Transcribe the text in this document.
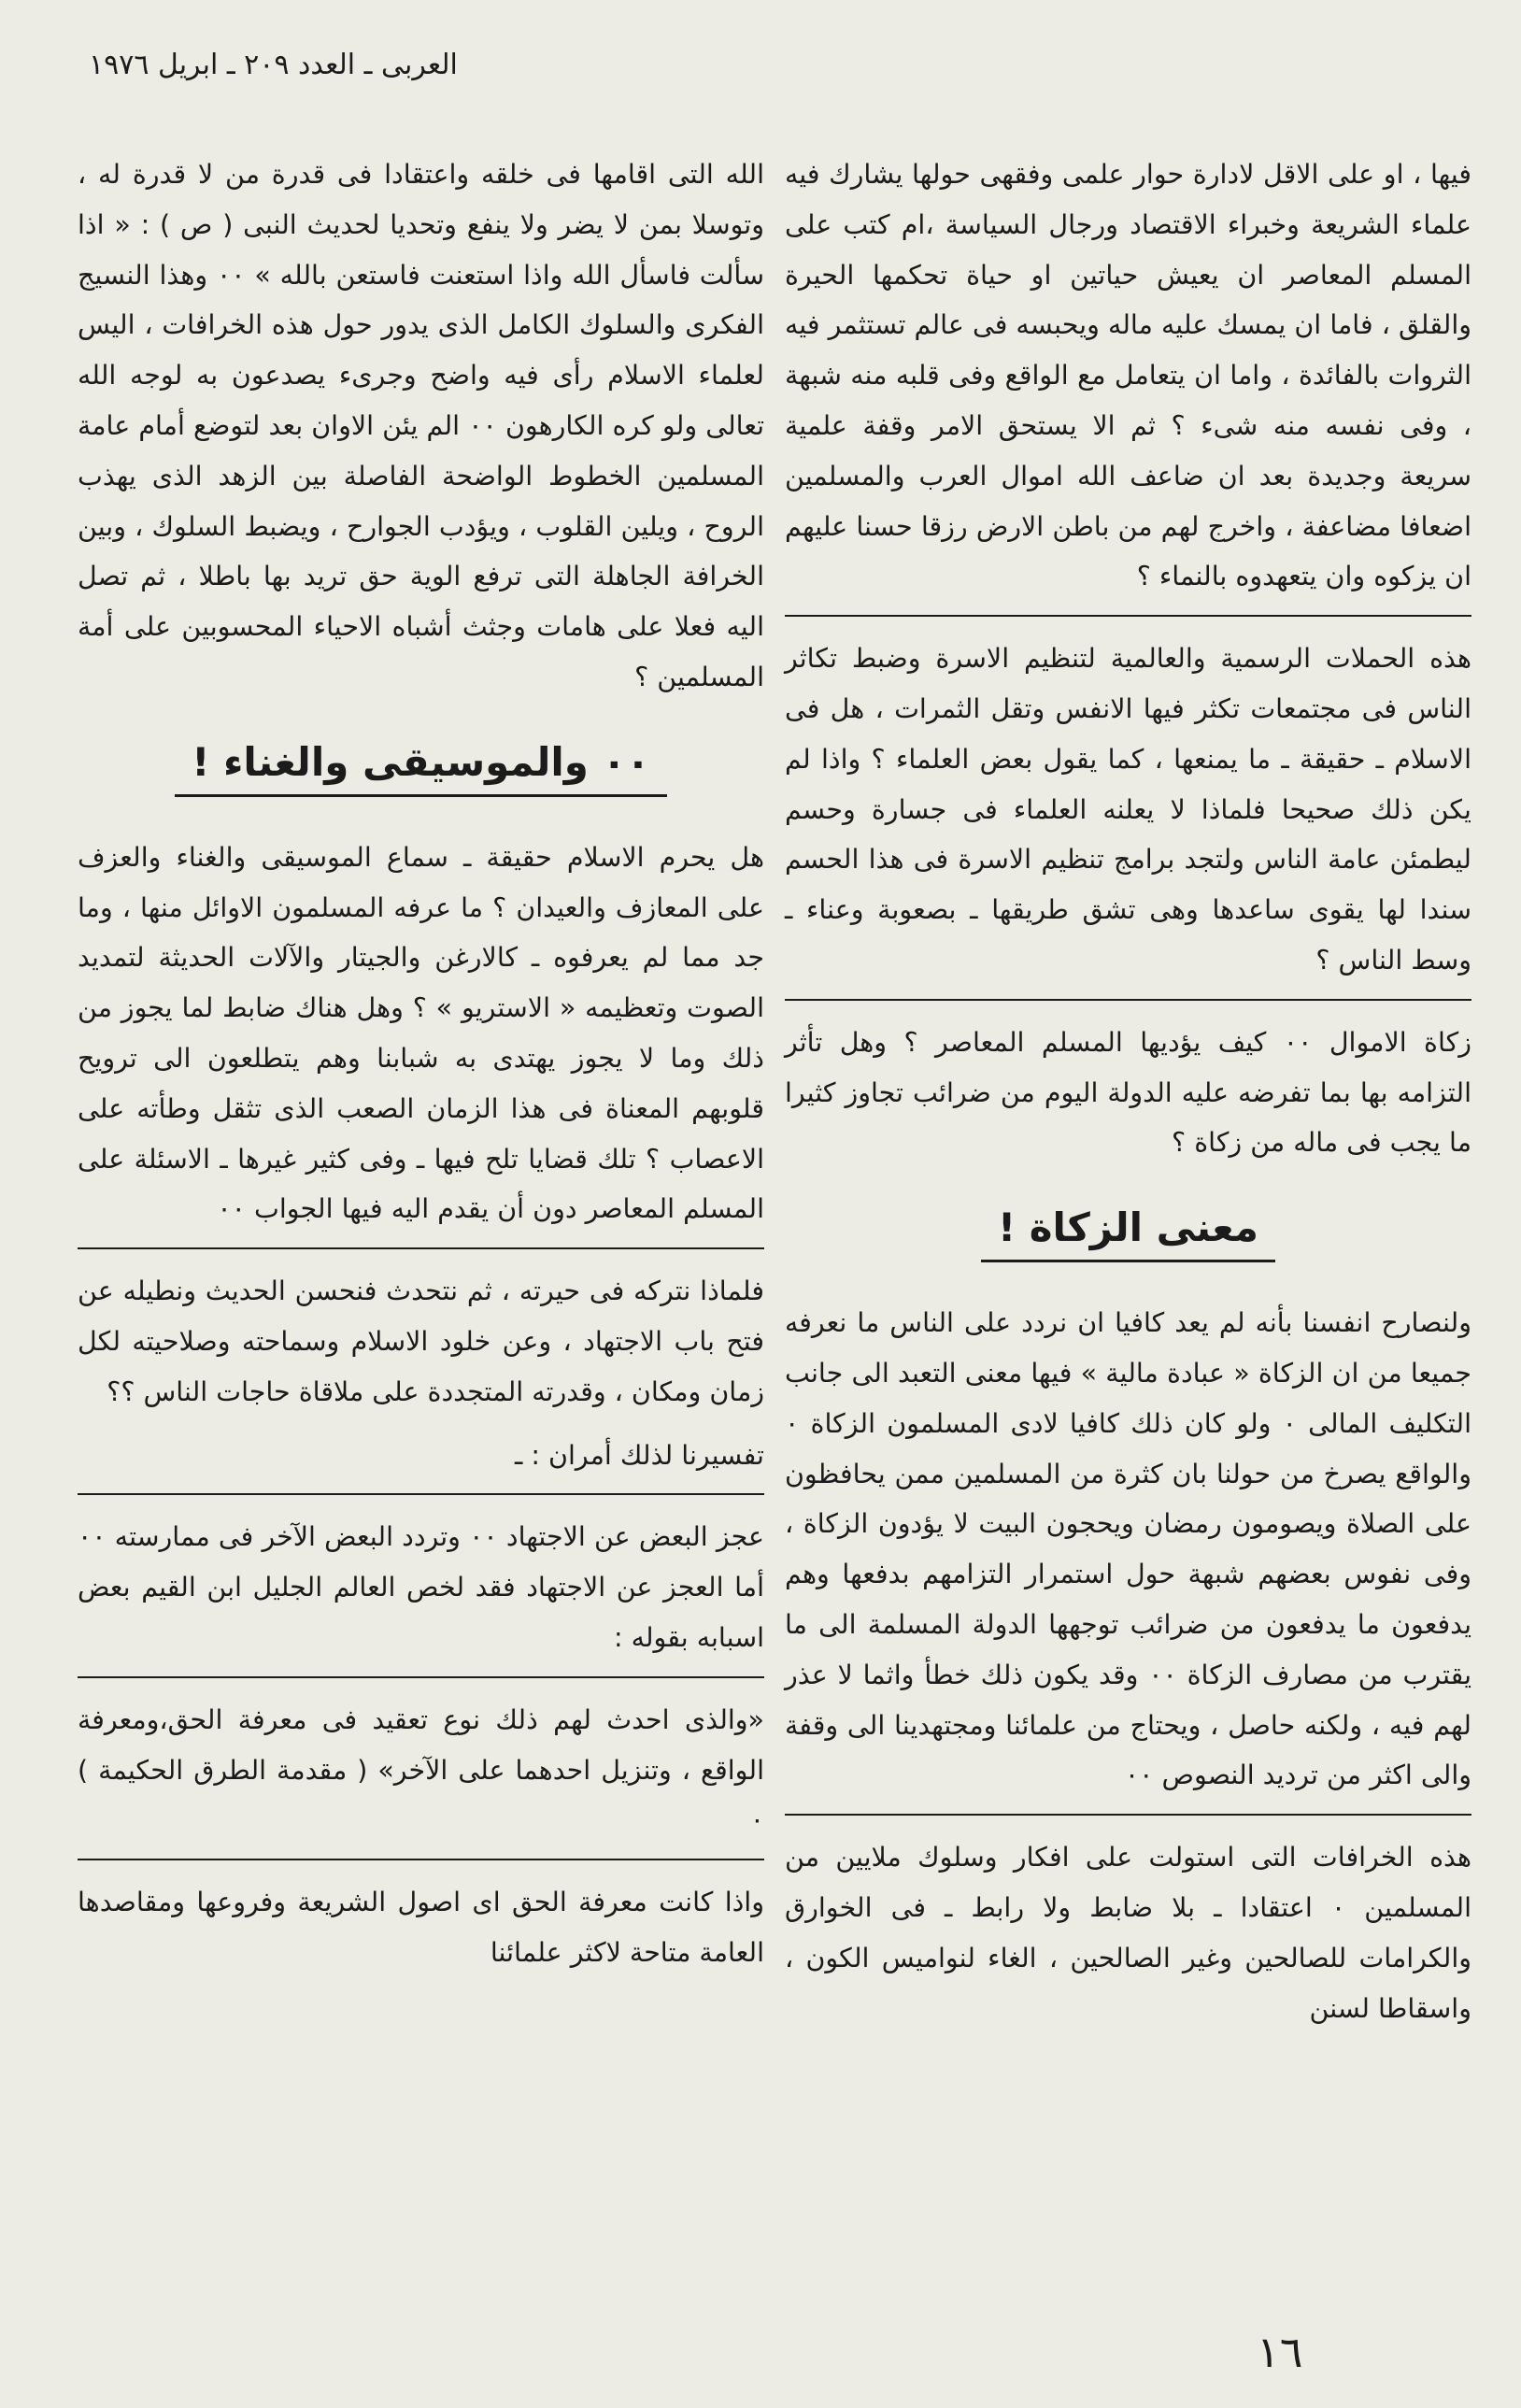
العربى ـ العدد ٢٠٩ ـ ابريل ١٩٧٦

فيها ، او على الاقل لادارة حوار علمى وفقهى حولها يشارك فيه علماء الشريعة وخبراء الاقتصاد ورجال السياسة ،ام كتب على المسلم المعاصر ان يعيش حياتين او حياة تحكمها الحيرة والقلق ، فاما ان يمسك عليه ماله ويحبسه فى عالم تستثمر فيه الثروات بالفائدة ، واما ان يتعامل مع الواقع وفى قلبه منه شبهة ، وفى نفسه منه شىء ؟ ثم الا يستحق الامر وقفة علمية سريعة وجديدة بعد ان ضاعف الله اموال العرب والمسلمين اضعافا مضاعفة ، واخرج لهم من باطن الارض رزقا حسنا عليهم ان يزكوه وان يتعهدوه بالنماء ؟

هذه الحملات الرسمية والعالمية لتنظيم الاسرة وضبط تكاثر الناس فى مجتمعات تكثر فيها الانفس وتقل الثمرات ، هل فى الاسلام ـ حقيقة ـ ما يمنعها ، كما يقول بعض العلماء ؟ واذا لم يكن ذلك صحيحا فلماذا لا يعلنه العلماء فى جسارة وحسم ليطمئن عامة الناس ولتجد برامج تنظيم الاسرة فى هذا الحسم سندا لها يقوى ساعدها وهى تشق طريقها ـ بصعوبة وعناء ـ وسط الناس ؟

زكاة الاموال ٠٠ كيف يؤديها المسلم المعاصر ؟ وهل تأثر التزامه بها بما تفرضه عليه الدولة اليوم من ضرائب تجاوز كثيرا ما يجب فى ماله من زكاة ؟

معنى الزكاة !

ولنصارح انفسنا بأنه لم يعد كافيا ان نردد على الناس ما نعرفه جميعا من ان الزكاة « عبادة مالية » فيها معنى التعبد الى جانب التكليف المالى ٠ ولو كان ذلك كافيا لادى المسلمون الزكاة ٠ والواقع يصرخ من حولنا بان كثرة من المسلمين ممن يحافظون على الصلاة ويصومون رمضان ويحجون البيت لا يؤدون الزكاة ، وفى نفوس بعضهم شبهة حول استمرار التزامهم بدفعها وهم يدفعون ما يدفعون من ضرائب توجهها الدولة المسلمة الى ما يقترب من مصارف الزكاة ٠٠ وقد يكون ذلك خطأ واثما لا عذر لهم فيه ، ولكنه حاصل ، ويحتاج من علمائنا ومجتهدينا الى وقفة والى اكثر من ترديد النصوص ٠٠

هذه الخرافات التى استولت على افكار وسلوك ملايين من المسلمين ٠ اعتقادا ـ بلا ضابط ولا رابط ـ فى الخوارق والكرامات للصالحين وغير الصالحين ، الغاء لنواميس الكون ، واسقاطا لسنن

الله التى اقامها فى خلقه واعتقادا فى قدرة من لا قدرة له ، وتوسلا بمن لا يضر ولا ينفع وتحديا لحديث النبى ( ص ) : « اذا سألت فاسأل الله واذا استعنت فاستعن بالله » ٠٠ وهذا النسيج الفكرى والسلوك الكامل الذى يدور حول هذه الخرافات ، اليس لعلماء الاسلام رأى فيه واضح وجرىء يصدعون به لوجه الله تعالى ولو كره الكارهون ٠٠ الم يئن الاوان بعد لتوضع أمام عامة المسلمين الخطوط الواضحة الفاصلة بين الزهد الذى يهذب الروح ، ويلين القلوب ، ويؤدب الجوارح ، ويضبط السلوك ، وبين الخرافة الجاهلة التى ترفع الوية حق تريد بها باطلا ، ثم تصل اليه فعلا على هامات وجثث أشباه الاحياء المحسوبين على أمة المسلمين ؟

٠٠ والموسيقى والغناء !

هل يحرم الاسلام حقيقة ـ سماع الموسيقى والغناء والعزف على المعازف والعيدان ؟ ما عرفه المسلمون الاوائل منها ، وما جد مما لم يعرفوه ـ كالارغن والجيتار والآلات الحديثة لتمديد الصوت وتعظيمه « الاستريو » ؟ وهل هناك ضابط لما يجوز من ذلك وما لا يجوز يهتدى به شبابنا وهم يتطلعون الى ترويح قلوبهم المعناة فى هذا الزمان الصعب الذى تثقل وطأته على الاعصاب ؟ تلك قضايا تلح فيها ـ وفى كثير غيرها ـ الاسئلة على المسلم المعاصر دون أن يقدم اليه فيها الجواب ٠٠

فلماذا نتركه فى حيرته ، ثم نتحدث فنحسن الحديث ونطيله عن فتح باب الاجتهاد ، وعن خلود الاسلام وسماحته وصلاحيته لكل زمان ومكان ، وقدرته المتجددة على ملاقاة حاجات الناس ؟؟

تفسيرنا لذلك أمران : ـ

عجز البعض عن الاجتهاد ٠٠ وتردد البعض الآخر فى ممارسته ٠٠ أما العجز عن الاجتهاد فقد لخص العالم الجليل ابن القيم بعض اسبابه بقوله :

«والذى احدث لهم ذلك نوع تعقيد فى معرفة الحق،ومعرفة الواقع ، وتنزيل احدهما على الآخر» ( مقدمة الطرق الحكيمة ) ٠

واذا كانت معرفة الحق اى اصول الشريعة وفروعها ومقاصدها العامة متاحة لاكثر علمائنا

١٦
